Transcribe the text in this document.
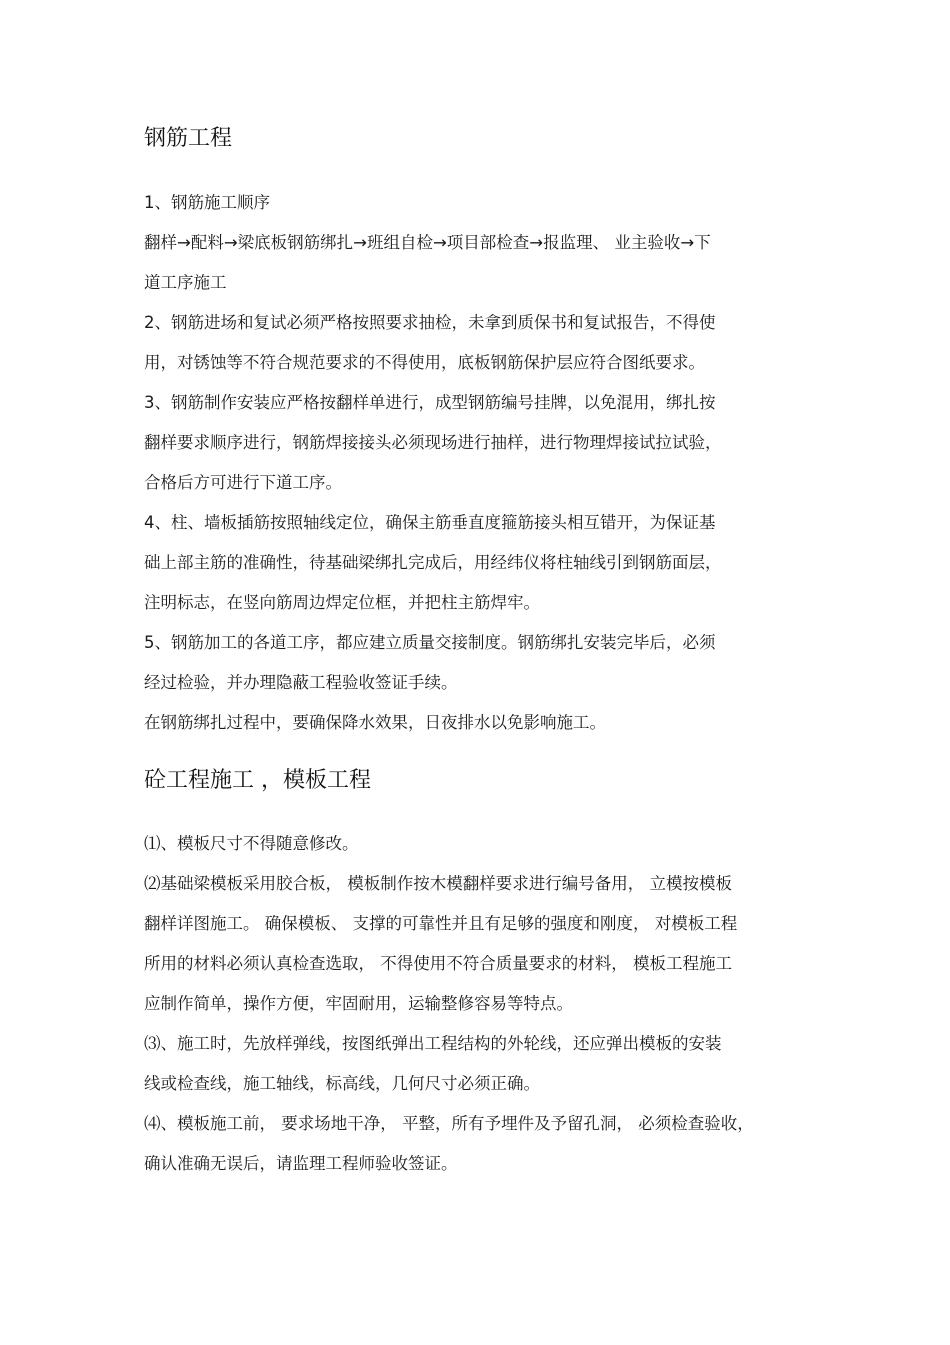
钢筋工程
1、钢筋施工顺序
翻样→配料→梁底板钢筋绑扎→班组自检→项目部检查→报监理、 业主验收→下
道工序施工
2、钢筋进场和复试必须严格按照要求抽检，未拿到质保书和复试报告，不得使
用，对锈蚀等不符合规范要求的不得使用，底板钢筋保护层应符合图纸要求。
3、钢筋制作安装应严格按翻样单进行，成型钢筋编号挂牌，以免混用，绑扎按
翻样要求顺序进行，钢筋焊接接头必须现场进行抽样，进行物理焊接试拉试验，
合格后方可进行下道工序。
4、柱、墙板插筋按照轴线定位，确保主筋垂直度箍筋接头相互错开，为保证基
础上部主筋的准确性，待基础梁绑扎完成后，用经纬仪将柱轴线引到钢筋面层，
注明标志，在竖向筋周边焊定位框，并把柱主筋焊牢。
5、钢筋加工的各道工序，都应建立质量交接制度。钢筋绑扎安装完毕后，必须
经过检验，并办理隐蔽工程验收签证手续。
在钢筋绑扎过程中，要确保降水效果，日夜排水以免影响施工。
砼工程施工 ，模板工程
⑴、模板尺寸不得随意修改。
⑵基础梁模板采用胶合板， 模板制作按木模翻样要求进行编号备用， 立模按模板
翻样详图施工。 确保模板、 支撑的可靠性并且有足够的强度和刚度， 对模板工程
所用的材料必须认真检查选取， 不得使用不符合质量要求的材料， 模板工程施工
应制作简单，操作方便，牢固耐用，运输整修容易等特点。
⑶、施工时，先放样弹线，按图纸弹出工程结构的外轮线，还应弹出模板的安装
线或检查线，施工轴线，标高线，几何尺寸必须正确。
⑷、模板施工前， 要求场地干净， 平整，所有予埋件及予留孔洞， 必须检查验收，
确认准确无误后，请监理工程师验收签证。
